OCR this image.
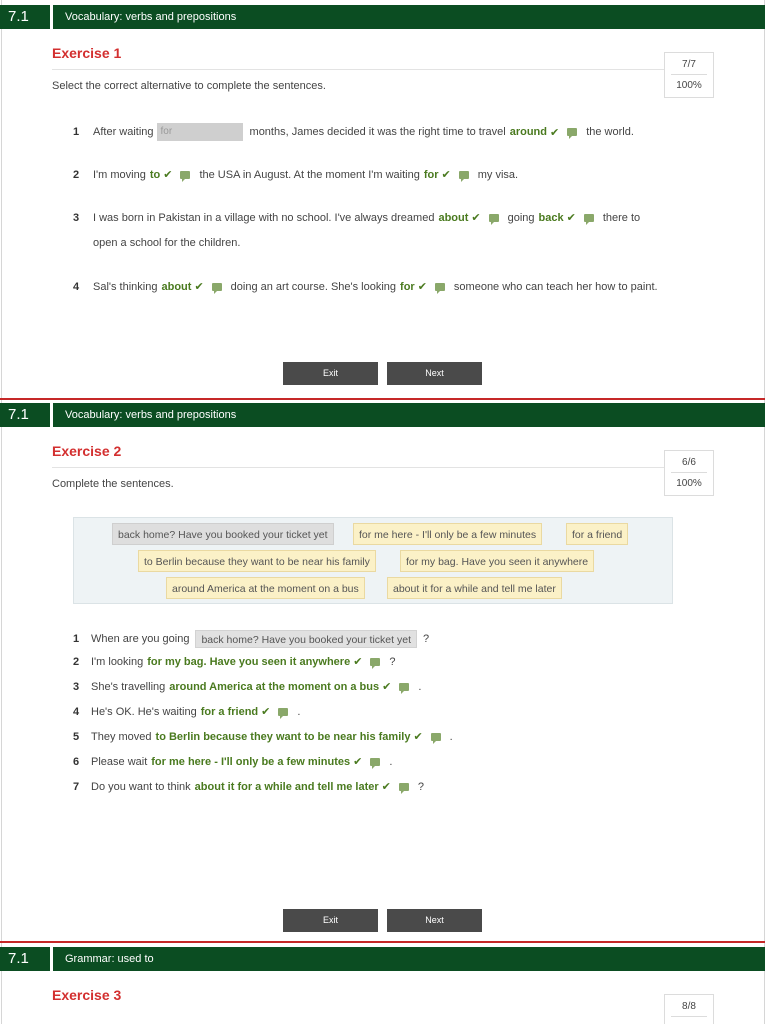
7.1	Vocabulary: verbs and prepositions
Exercise 1
Select the correct alternative to complete the sentences.
7/7
100%
1	After waiting for	months, James decided it was the right time to travel around ✔ the world.
2	I'm moving to ✔ the USA in August. At the moment I'm waiting for ✔ my visa.
3	I was born in Pakistan in a village with no school. I've always dreamed about ✔ going back ✔ there to
open a school for the children.
4	Sal's thinking about ✔ doing an art course. She's looking for ✔ someone who can teach her how to paint.
Exit	Next
7.1	Vocabulary: verbs and prepositions
Exercise 2
Complete the sentences.
6/6
100%
back home? Have you booked your ticket yet	for me here - I'll only be a few minutes	for a friend
to Berlin because they want to be near his family	for my bag. Have you seen it anywhere
around America at the moment on a bus	about it for a while and tell me later
1	When are you going	back home? Have you booked your ticket yet	?
2	I'm looking for my bag. Have you seen it anywhere ✔ ?
3	She's travelling around America at the moment on a bus ✔ .
4	He's OK. He's waiting for a friend ✔ .
5	They moved to Berlin because they want to be near his family ✔ .
6	Please wait for me here - I'll only be a few minutes ✔ .
7	Do you want to think about it for a while and tell me later ✔ ?
Exit	Next
7.1	Grammar: used to
Exercise 3
8/8
